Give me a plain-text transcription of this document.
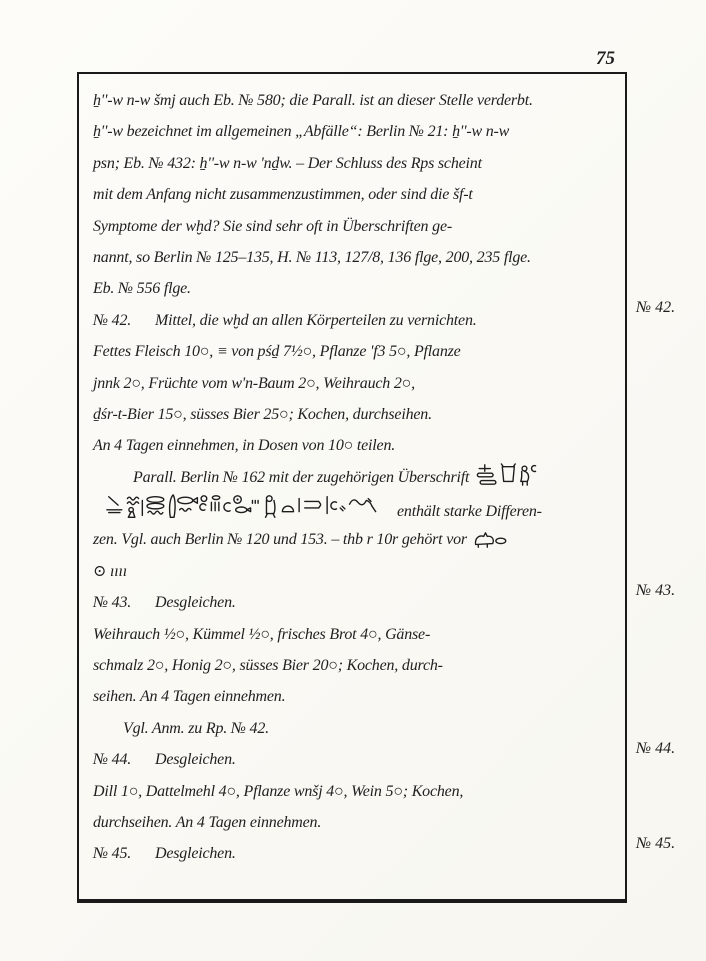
75
ẖ''-w n-w šmj auch Eb. № 580; die Parall. ist an dieser Stelle verderbt.
ẖ''-w bezeichnet im allgemeinen „Abfälle“: Berlin № 21: ẖ''-w n-w
psn; Eb. № 432: ẖ''-w n-w 'nḏw. – Der Schluss des Rps scheint
mit dem Anfang nicht zusammenzustimmen, oder sind die šf-t
Symptome der wḫd? Sie sind sehr oft in Überschriften ge-
nannt, so Berlin № 125–135, H. № 113, 127/8, 136 flge, 200, 235 flge.
Eb. № 556 flge.
№ 42. Mittel, die wḫd an allen Körperteilen zu vernichten.
Fettes Fleisch 10○, ≡ von pśḏ 7½○, Pflanze 'f3 5○, Pflanze
jnnk 2○, Früchte vom w'n-Baum 2○, Weihrauch 2○,
ḏśr-t-Bier 15○, süsses Bier 25○; Kochen, durchseihen.
An 4 Tagen einnehmen, in Dosen von 10○ teilen.
Parall. Berlin № 162 mit der zugehörigen Überschrift
enthält starke Differen-
zen. Vgl. auch Berlin № 120 und 153. – thb r 10r gehört vor
⊙ ıııı
№ 43. Desgleichen.
Weihrauch ½○, Kümmel ½○, frisches Brot 4○, Gänse-
schmalz 2○, Honig 2○, süsses Bier 20○; Kochen, durch-
seihen. An 4 Tagen einnehmen.
Vgl. Anm. zu Rp. № 42.
№ 44. Desgleichen.
Dill 1○, Dattelmehl 4○, Pflanze wnšj 4○, Wein 5○; Kochen,
durchseihen. An 4 Tagen einnehmen.
№ 45. Desgleichen.
№ 42.
№ 43.
№ 44.
№ 45.
